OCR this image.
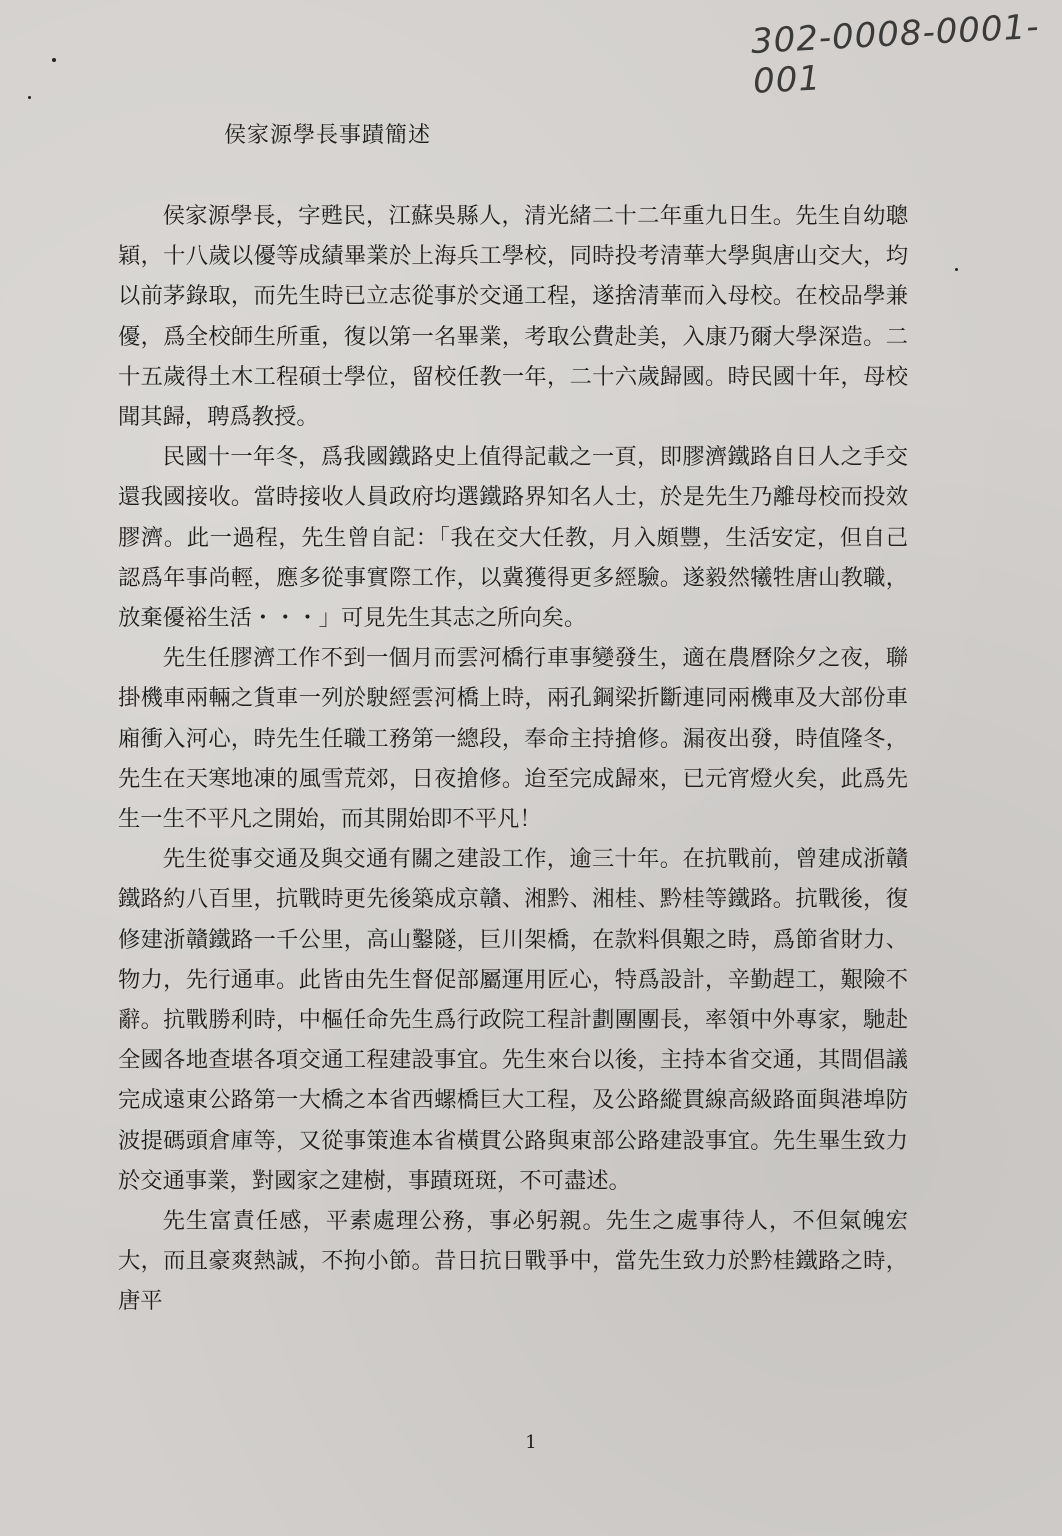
302-0008-0001-001
侯家源學長事蹟簡述

侯家源學長，字甦民，江蘇吳縣人，清光緒二十二年重九日生。先生自幼聰穎，十八歲以優等成績畢業於上海兵工學校，同時投考清華大學與唐山交大，均以前茅錄取，而先生時已立志從事於交通工程，遂捨清華而入母校。在校品學兼優，爲全校師生所重，復以第一名畢業，考取公費赴美，入康乃爾大學深造。二十五歲得土木工程碩士學位，留校任教一年，二十六歲歸國。時民國十年，母校聞其歸，聘爲教授。

民國十一年冬，爲我國鐵路史上值得記載之一頁，即膠濟鐵路自日人之手交還我國接收。當時接收人員政府均選鐵路界知名人士，於是先生乃離母校而投效膠濟。此一過程，先生曾自記：「我在交大任教，月入頗豐，生活安定，但自己認爲年事尚輕，應多從事實際工作，以冀獲得更多經驗。遂毅然犧牲唐山教職，放棄優裕生活・・・」可見先生其志之所向矣。

先生任膠濟工作不到一個月而雲河橋行車事變發生，適在農曆除夕之夜，聯掛機車兩輛之貨車一列於駛經雲河橋上時，兩孔鋼梁折斷連同兩機車及大部份車廂衝入河心，時先生任職工務第一總段，奉命主持搶修。漏夜出發，時值隆冬，先生在天寒地凍的風雪荒郊，日夜搶修。迨至完成歸來，已元宵燈火矣，此爲先生一生不平凡之開始，而其開始即不平凡！

先生從事交通及與交通有關之建設工作，逾三十年。在抗戰前，曾建成浙贛鐵路約八百里，抗戰時更先後築成京贛、湘黔、湘桂、黔桂等鐵路。抗戰後，復修建浙贛鐵路一千公里，高山鑿隧，巨川架橋，在款料俱艱之時，爲節省財力、物力，先行通車。此皆由先生督促部屬運用匠心，特爲設計，辛勤趕工，艱險不辭。抗戰勝利時，中樞任命先生爲行政院工程計劃團團長，率領中外專家，馳赴全國各地查堪各項交通工程建設事宜。先生來台以後，主持本省交通，其間倡議完成遠東公路第一大橋之本省西螺橋巨大工程，及公路縱貫線高級路面與港埠防波提碼頭倉庫等，又從事策進本省橫貫公路與東部公路建設事宜。先生畢生致力於交通事業，對國家之建樹，事蹟斑斑，不可盡述。

先生富責任感，平素處理公務，事必躬親。先生之處事待人，不但氣魄宏大，而且豪爽熱誠，不拘小節。昔日抗日戰爭中，當先生致力於黔桂鐵路之時，唐平

1
